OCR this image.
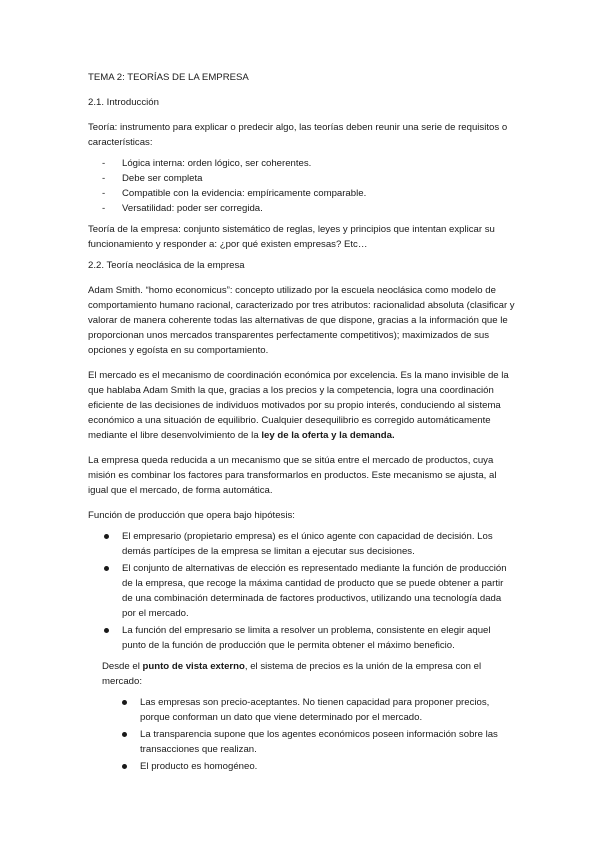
TEMA 2: TEORÍAS DE LA EMPRESA

2.1. Introducción

Teoría: instrumento para explicar o predecir algo, las teorías deben reunir una serie de requisitos o características:

- Lógica interna: orden lógico, ser coherentes.
- Debe ser completa
- Compatible con la evidencia: empíricamente comparable.
- Versatilidad: poder ser corregida.

Teoría de la empresa: conjunto sistemático de reglas, leyes y principios que intentan explicar su funcionamiento y responder a: ¿por qué existen empresas? Etc…

2.2. Teoría neoclásica de la empresa

Adam Smith. “homo economicus”: concepto utilizado por la escuela neoclásica como modelo de comportamiento humano racional, caracterizado por tres atributos: racionalidad absoluta (clasificar y valorar de manera coherente todas las alternativas de que dispone, gracias a la información que le proporcionan unos mercados transparentes perfectamente competitivos); maximizados de sus opciones y egoísta en su comportamiento.

El mercado es el mecanismo de coordinación económica por excelencia. Es la mano invisible de la que hablaba Adam Smith la que, gracias a los precios y la competencia, logra una coordinación eficiente de las decisiones de individuos motivados por su propio interés, conduciendo al sistema económico a una situación de equilibrio. Cualquier desequilibrio es corregido automáticamente mediante el libre desenvolvimiento de la ley de la oferta y la demanda.

La empresa queda reducida a un mecanismo que se sitúa entre el mercado de productos, cuya misión es combinar los factores para transformarlos en productos. Este mecanismo se ajusta, al igual que el mercado, de forma automática.

Función de producción que opera bajo hipótesis:

El empresario (propietario empresa) es el único agente con capacidad de decisión. Los demás partícipes de la empresa se limitan a ejecutar sus decisiones.
El conjunto de alternativas de elección es representado mediante la función de producción de la empresa, que recoge la máxima cantidad de producto que se puede obtener a partir de una combinación determinada de factores productivos, utilizando una tecnología dada por el mercado.
La función del empresario se limita a resolver un problema, consistente en elegir aquel punto de la función de producción que le permita obtener el máximo beneficio.

Desde el punto de vista externo, el sistema de precios es la unión de la empresa con el mercado:

Las empresas son precio-aceptantes. No tienen capacidad para proponer precios, porque conforman un dato que viene determinado por el mercado.
La transparencia supone que los agentes económicos poseen información sobre las transacciones que realizan.
El producto es homogéneo.
